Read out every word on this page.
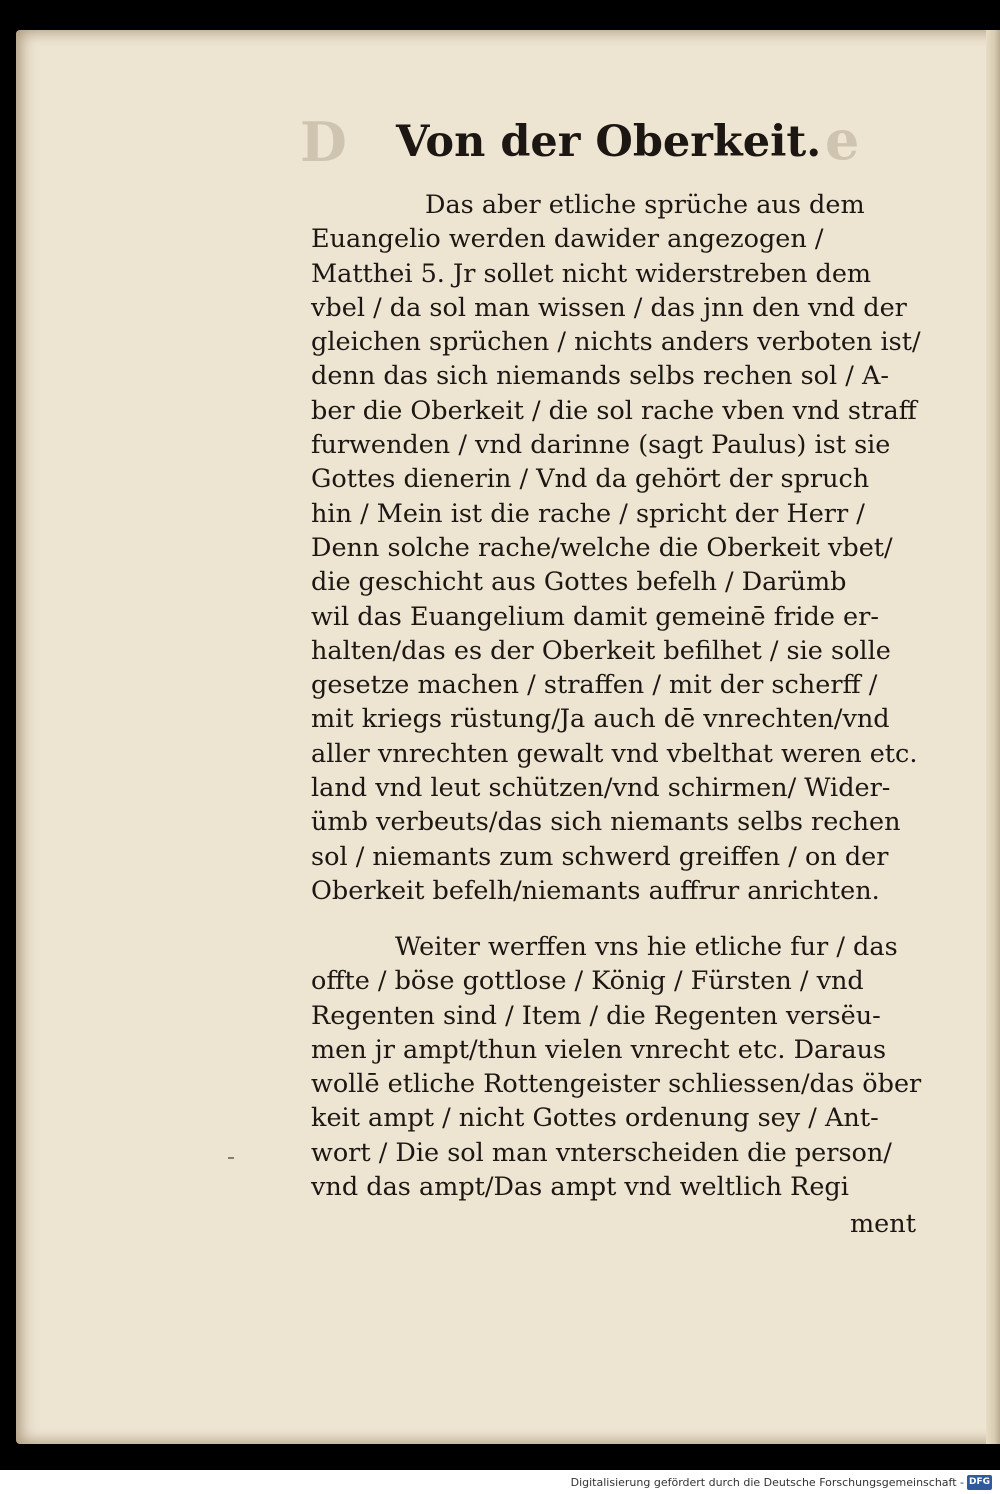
D	e
Von der Oberkeit.
Das aber etliche sprüche aus dem
Euangelio werden dawider angezogen /
Matthei 5. Jr sollet nicht widerstreben dem
vbel / da sol man wissen / das jnn den vnd der
gleichen sprüchen / nichts anders verboten ist/
denn das sich niemands selbs rechen sol / A-
ber die Oberkeit / die sol rache vben vnd straff
furwenden / vnd darinne (sagt Paulus) ist sie
Gottes dienerin / Vnd da gehört der spruch
hin / Mein ist die rache / spricht der Herr /
Denn solche rache/welche die Oberkeit vbet/
die geschicht aus Gottes befelh / Darümb
wil das Euangelium damit gemeinē fride er-
halten/das es der Oberkeit befilhet / sie solle
gesetze machen / straffen / mit der scherff /
mit kriegs rüstung/Ja auch dē vnrechten/vnd
aller vnrechten gewalt vnd vbelthat weren etc.
land vnd leut schützen/vnd schirmen/ Wider-
ümb verbeuts/das sich niemants selbs rechen
sol / niemants zum schwerd greiffen / on der
Oberkeit befelh/niemants auffrur anrichten.
Weiter werffen vns hie etliche fur / das
offte / böse gottlose / König / Fürsten / vnd
Regenten sind / Item / die Regenten versëu-
men jr ampt/thun vielen vnrecht etc. Daraus
wollē etliche Rottengeister schliessen/das öber
keit ampt / nicht Gottes ordenung sey / Ant-
wort / Die sol man vnterscheiden die person/
vnd das ampt/Das ampt vnd weltlich Regi
ment
Digitalisierung gefördert durch die Deutsche Forschungsgemeinschaft - DFG
